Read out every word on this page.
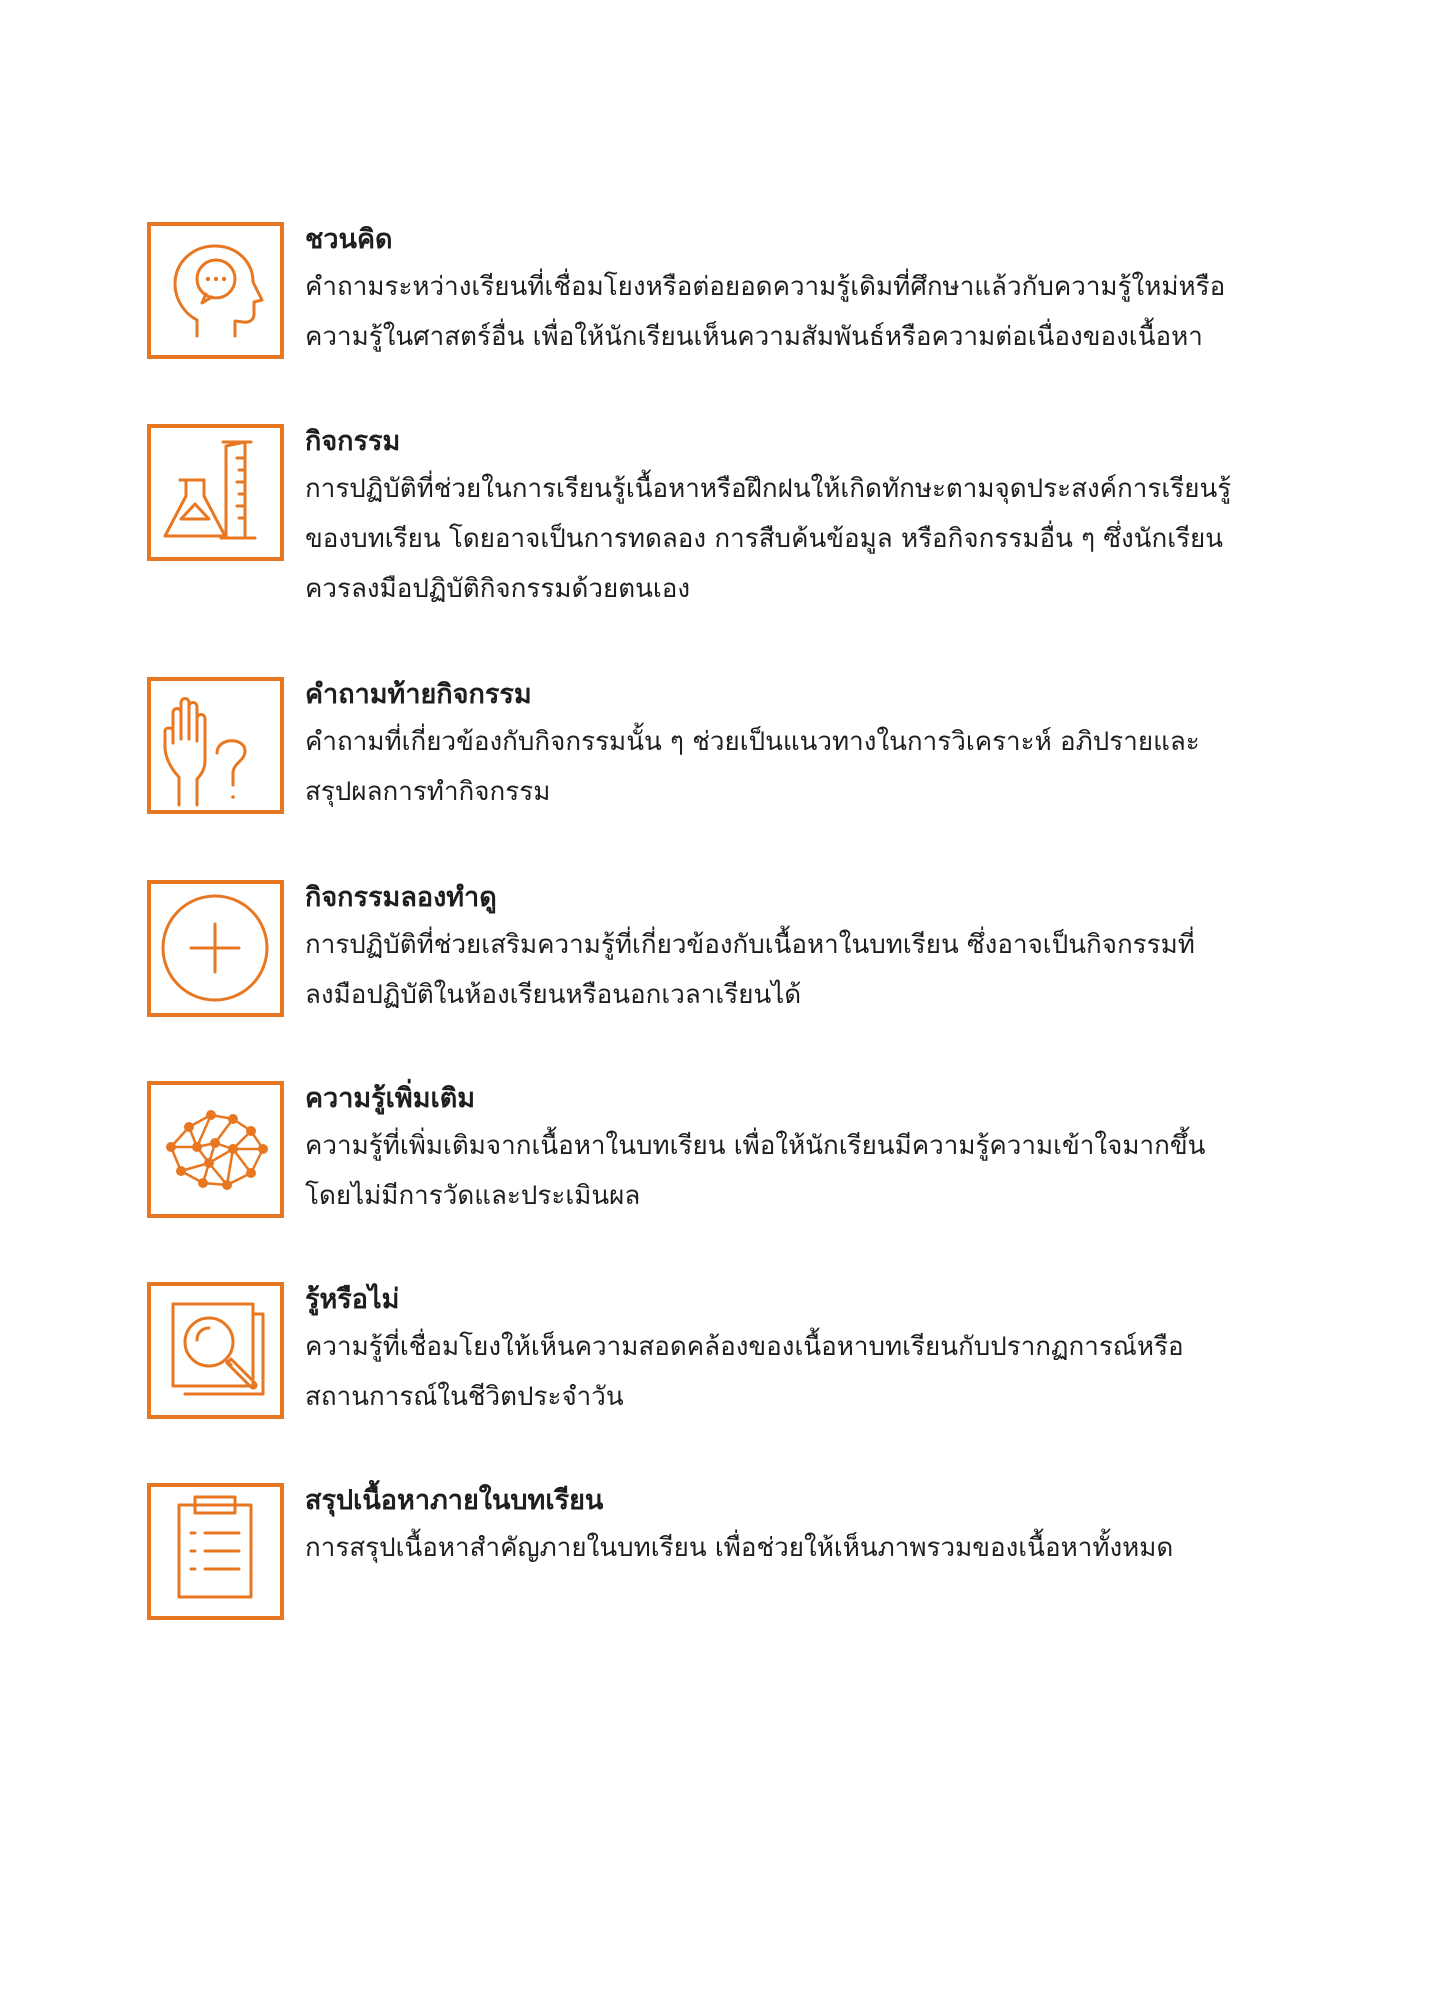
ชวนคิด
คำถามระหว่างเรียนที่เชื่อมโยงหรือต่อยอดความรู้เดิมที่ศึกษาแล้วกับความรู้ใหม่หรือ
ความรู้ในศาสตร์อื่น เพื่อให้นักเรียนเห็นความสัมพันธ์หรือความต่อเนื่องของเนื้อหา
กิจกรรม
การปฏิบัติที่ช่วยในการเรียนรู้เนื้อหาหรือฝึกฝนให้เกิดทักษะตามจุดประสงค์การเรียนรู้
ของบทเรียน โดยอาจเป็นการทดลอง การสืบค้นข้อมูล หรือกิจกรรมอื่น ๆ ซึ่งนักเรียน
ควรลงมือปฏิบัติกิจกรรมด้วยตนเอง
คำถามท้ายกิจกรรม
คำถามที่เกี่ยวข้องกับกิจกรรมนั้น ๆ ช่วยเป็นแนวทางในการวิเคราะห์ อภิปรายและ
สรุปผลการทำกิจกรรม
กิจกรรมลองทำดู
การปฏิบัติที่ช่วยเสริมความรู้ที่เกี่ยวข้องกับเนื้อหาในบทเรียน ซึ่งอาจเป็นกิจกรรมที่
ลงมือปฏิบัติในห้องเรียนหรือนอกเวลาเรียนได้
ความรู้เพิ่มเติม
ความรู้ที่เพิ่มเติมจากเนื้อหาในบทเรียน เพื่อให้นักเรียนมีความรู้ความเข้าใจมากขึ้น
โดยไม่มีการวัดและประเมินผล
รู้หรือไม่
ความรู้ที่เชื่อมโยงให้เห็นความสอดคล้องของเนื้อหาบทเรียนกับปรากฏการณ์หรือ
สถานการณ์ในชีวิตประจำวัน
สรุปเนื้อหาภายในบทเรียน
การสรุปเนื้อหาสำคัญภายในบทเรียน เพื่อช่วยให้เห็นภาพรวมของเนื้อหาทั้งหมด
